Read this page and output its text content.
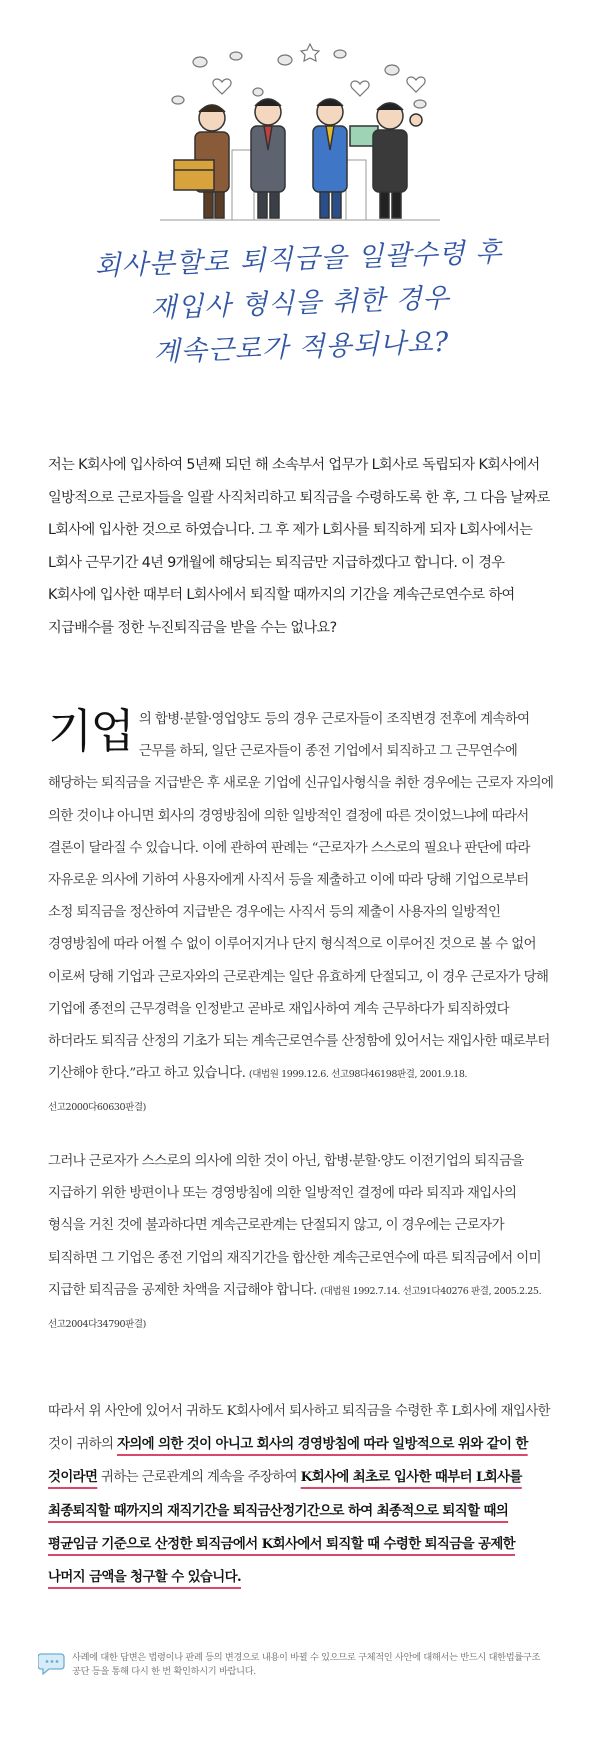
회사분할로 퇴직금을 일괄수령 후
재입사 형식을 취한 경우
계속근로가 적용되나요?
저는 K회사에 입사하여 5년째 되던 해 소속부서 업무가 L회사로 독립되자 K회사에서 일방적으로 근로자들을 일괄 사직처리하고 퇴직금을 수령하도록 한 후, 그 다음 날짜로 L회사에 입사한 것으로 하였습니다. 그 후 제가 L회사를 퇴직하게 되자 L회사에서는 L회사 근무기간 4년 9개월에 해당되는 퇴직금만 지급하겠다고 합니다. 이 경우 K회사에 입사한 때부터 L회사에서 퇴직할 때까지의 기간을 계속근로연수로 하여 지급배수를 정한 누진퇴직금을 받을 수는 없나요?
기업 의 합병·분할·영업양도 등의 경우 근로자들이 조직변경 전후에 계속하여 근무를 하되, 일단 근로자들이 종전 기업에서 퇴직하고 그 근무연수에 해당하는 퇴직금을 지급받은 후 새로운 기업에 신규입사형식을 취한 경우에는 근로자 자의에 의한 것이냐 아니면 회사의 경영방침에 의한 일방적인 결정에 따른 것이었느냐에 따라서 결론이 달라질 수 있습니다. 이에 관하여 판례는 “근로자가 스스로의 필요나 판단에 따라 자유로운 의사에 기하여 사용자에게 사직서 등을 제출하고 이에 따라 당해 기업으로부터 소정 퇴직금을 정산하여 지급받은 경우에는 사직서 등의 제출이 사용자의 일방적인 경영방침에 따라 어쩔 수 없이 이루어지거나 단지 형식적으로 이루어진 것으로 볼 수 없어 이로써 당해 기업과 근로자와의 근로관계는 일단 유효하게 단절되고, 이 경우 근로자가 당해 기업에 종전의 근무경력을 인정받고 곧바로 재입사하여 계속 근무하다가 퇴직하였다 하더라도 퇴직금 산정의 기초가 되는 계속근로연수를 산정함에 있어서는 재입사한 때로부터 기산해야 한다.”라고 하고 있습니다. (대법원 1999.12.6. 선고98다46198판결, 2001.9.18. 선고2000다60630판결)
그러나 근로자가 스스로의 의사에 의한 것이 아닌, 합병·분할·양도 이전기업의 퇴직금을 지급하기 위한 방편이나 또는 경영방침에 의한 일방적인 결정에 따라 퇴직과 재입사의 형식을 거친 것에 불과하다면 계속근로관계는 단절되지 않고, 이 경우에는 근로자가 퇴직하면 그 기업은 종전 기업의 재직기간을 합산한 계속근로연수에 따른 퇴직금에서 이미 지급한 퇴직금을 공제한 차액을 지급해야 합니다. (대법원 1992.7.14. 선고91다40276 판결, 2005.2.25. 선고2004다34790판결)
따라서 위 사안에 있어서 귀하도 K회사에서 퇴사하고 퇴직금을 수령한 후 L회사에 재입사한 것이 귀하의 자의에 의한 것이 아니고 회사의 경영방침에 따라 일방적으로 위와 같이 한 것이라면 귀하는 근로관계의 계속을 주장하여 K회사에 최초로 입사한 때부터 L회사를 최종퇴직할 때까지의 재직기간을 퇴직금산정기간으로 하여 최종적으로 퇴직할 때의 평균임금 기준으로 산정한 퇴직금에서 K회사에서 퇴직할 때 수령한 퇴직금을 공제한 나머지 금액을 청구할 수 있습니다.
사례에 대한 답변은 법령이나 판례 등의 변경으로 내용이 바뀔 수 있으므로 구체적인 사안에 대해서는 반드시 대한법률구조공단 등을 통해 다시 한 번 확인하시기 바랍니다.
